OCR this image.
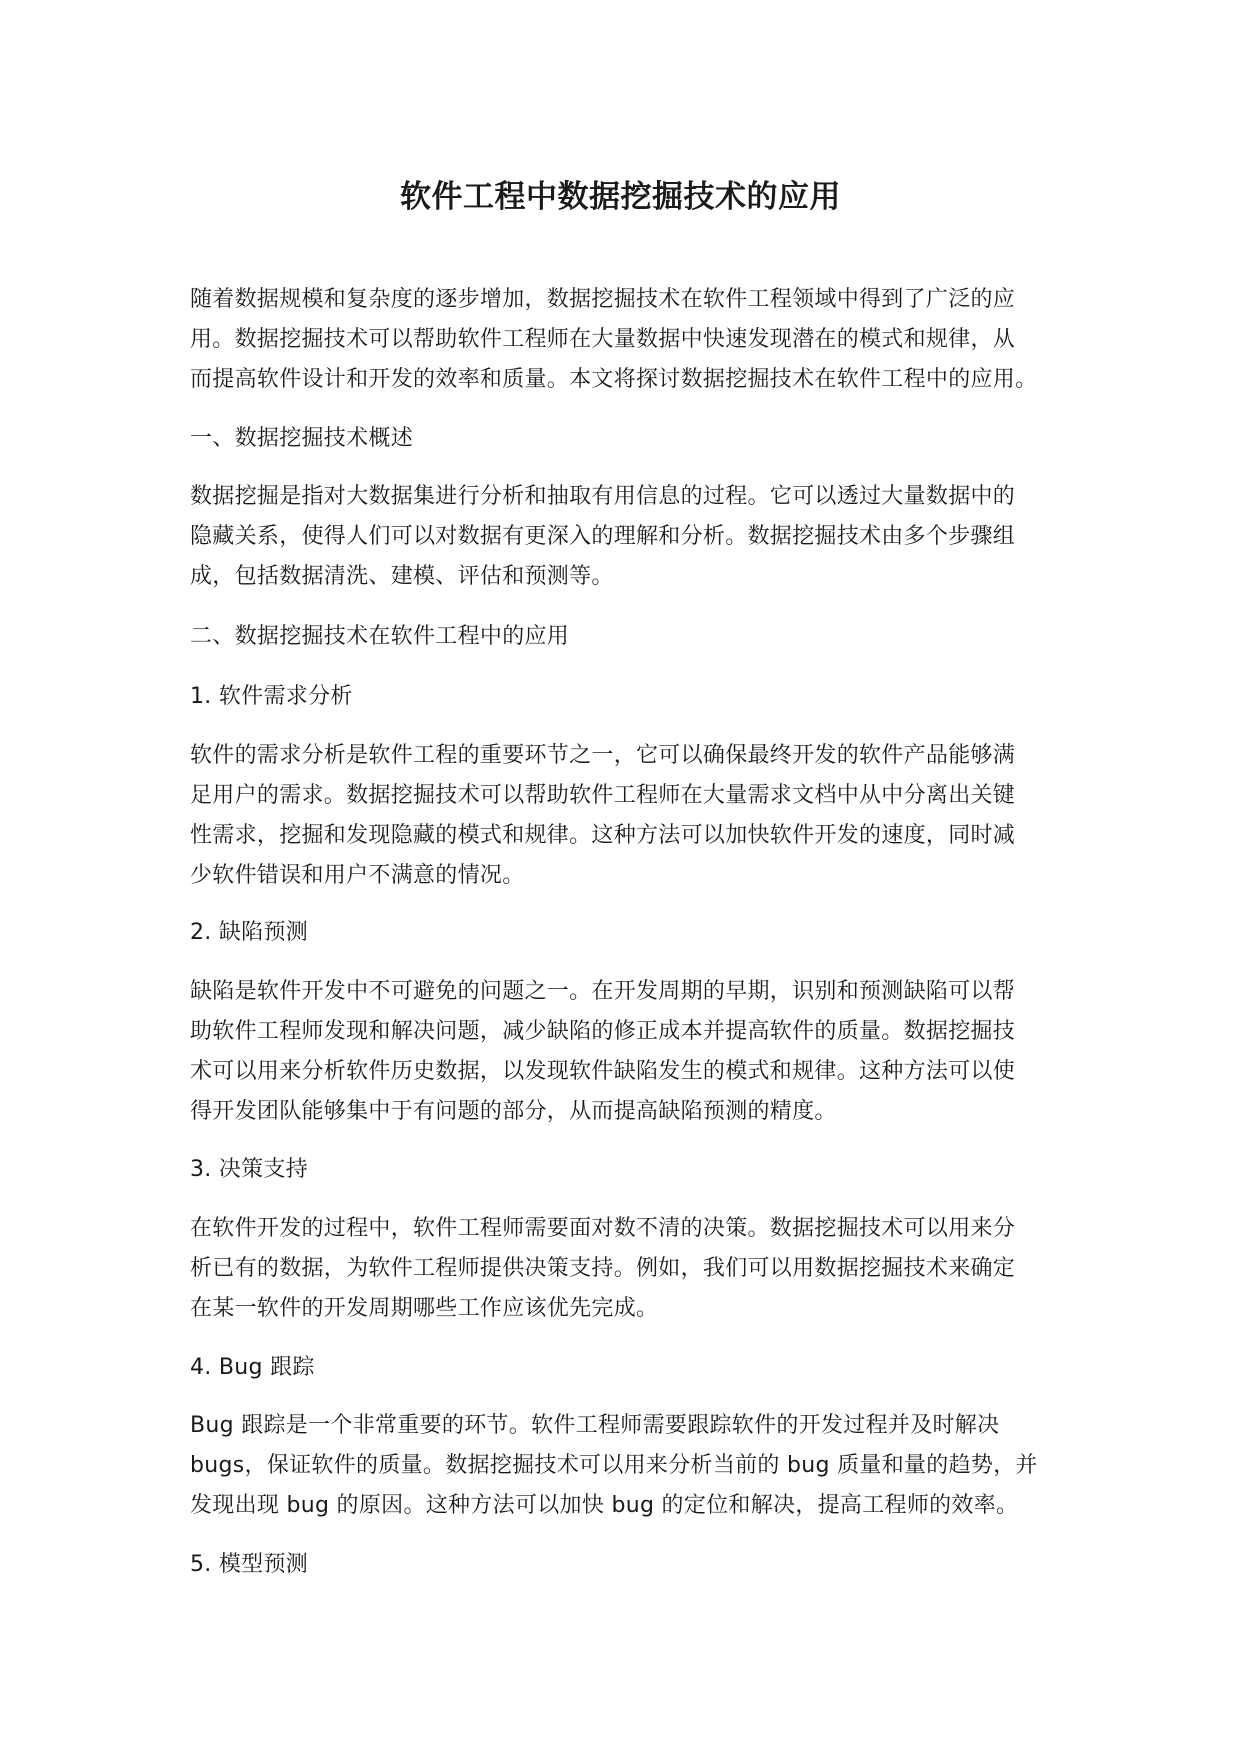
软件工程中数据挖掘技术的应用

随着数据规模和复杂度的逐步增加，数据挖掘技术在软件工程领域中得到了广泛的应

用。数据挖掘技术可以帮助软件工程师在大量数据中快速发现潜在的模式和规律，从

而提高软件设计和开发的效率和质量。本文将探讨数据挖掘技术在软件工程中的应用。

一、数据挖掘技术概述

数据挖掘是指对大数据集进行分析和抽取有用信息的过程。它可以透过大量数据中的

隐藏关系，使得人们可以对数据有更深入的理解和分析。数据挖掘技术由多个步骤组

成，包括数据清洗、建模、评估和预测等。

二、数据挖掘技术在软件工程中的应用

1. 软件需求分析

软件的需求分析是软件工程的重要环节之一，它可以确保最终开发的软件产品能够满

足用户的需求。数据挖掘技术可以帮助软件工程师在大量需求文档中从中分离出关键

性需求，挖掘和发现隐藏的模式和规律。这种方法可以加快软件开发的速度，同时减

少软件错误和用户不满意的情况。

2. 缺陷预测

缺陷是软件开发中不可避免的问题之一。在开发周期的早期，识别和预测缺陷可以帮

助软件工程师发现和解决问题，减少缺陷的修正成本并提高软件的质量。数据挖掘技

术可以用来分析软件历史数据，以发现软件缺陷发生的模式和规律。这种方法可以使

得开发团队能够集中于有问题的部分，从而提高缺陷预测的精度。

3. 决策支持

在软件开发的过程中，软件工程师需要面对数不清的决策。数据挖掘技术可以用来分

析已有的数据，为软件工程师提供决策支持。例如，我们可以用数据挖掘技术来确定

在某一软件的开发周期哪些工作应该优先完成。

4. Bug 跟踪

Bug 跟踪是一个非常重要的环节。软件工程师需要跟踪软件的开发过程并及时解决

bugs，保证软件的质量。数据挖掘技术可以用来分析当前的 bug 质量和量的趋势，并

发现出现 bug 的原因。这种方法可以加快 bug 的定位和解决，提高工程师的效率。

5. 模型预测
